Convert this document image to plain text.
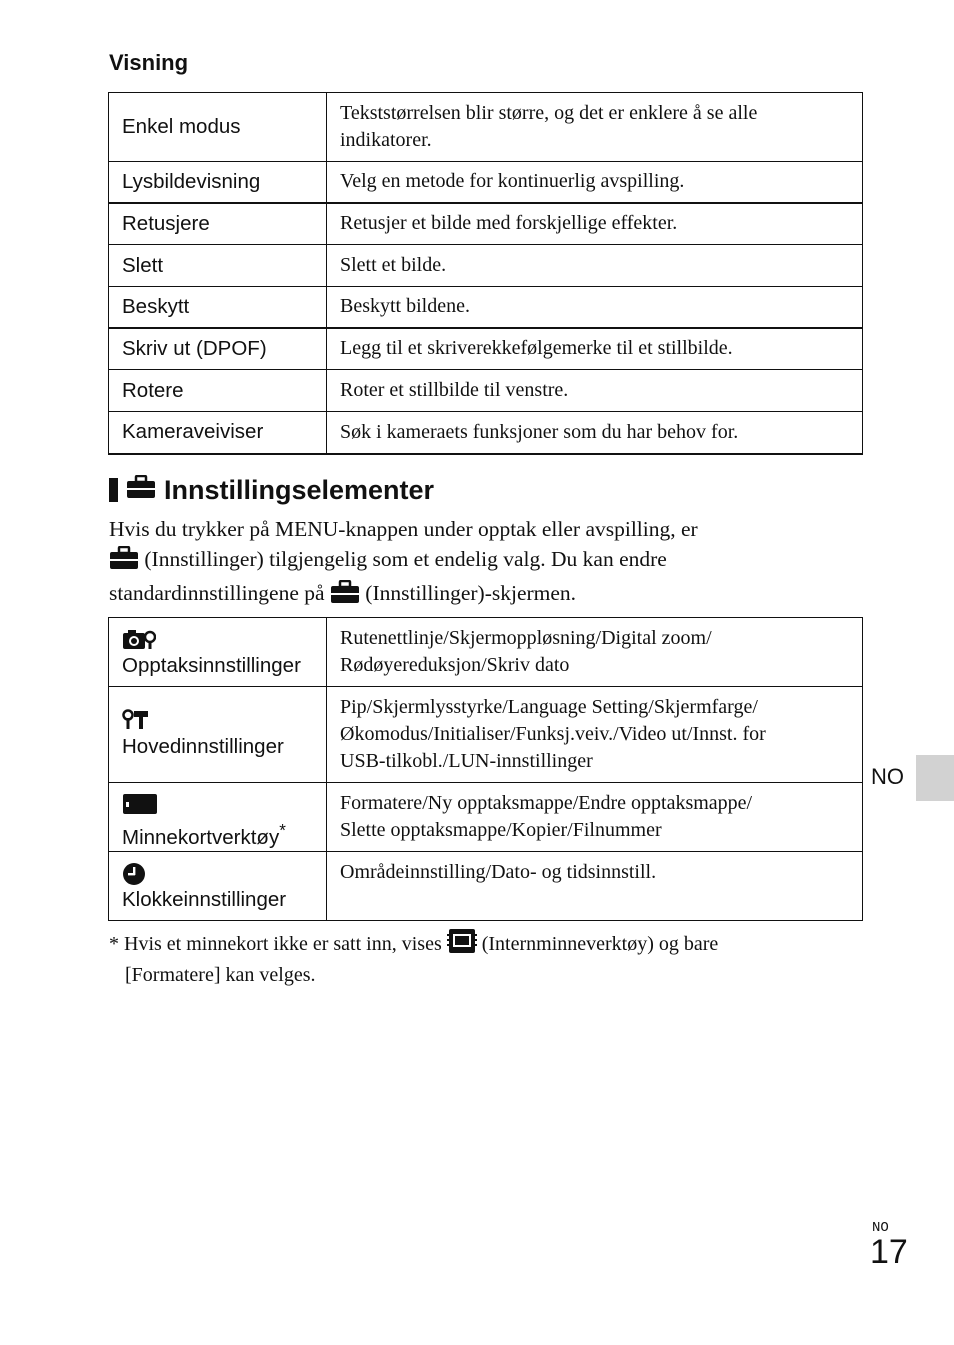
Visning
Enkel modus	Tekststørrelsen blir større, og det er enklere å se alle indikatorer.
Lysbildevisning	Velg en metode for kontinuerlig avspilling.
Retusjere	Retusjer et bilde med forskjellige effekter.
Slett	Slett et bilde.
Beskytt	Beskytt bildene.
Skriv ut (DPOF)	Legg til et skriverekkefølgemerke til et stillbilde.
Rotere	Roter et stillbilde til venstre.
Kameraveiviser	Søk i kameraets funksjoner som du har behov for.
Innstillingselementer
Hvis du trykker på MENU-knappen under opptak eller avspilling, er
(Innstillinger) tilgjengelig som et endelig valg. Du kan endre
standardinnstillingene på (Innstillinger)-skjermen.
Opptaksinnstillinger	Rutenettlinje/Skjermoppløsning/Digital zoom/
Rødøyereduksjon/Skriv dato

Hovedinnstillinger	Pip/Skjermlysstyrke/Language Setting/Skjermfarge/
Økomodus/Initialiser/Funksj.veiv./Video ut/Innst. for
USB-tilkobl./LUN-innstillinger

Minnekortverktøy*	Formatere/Ny opptaksmappe/Endre opptaksmappe/
Slette opptaksmappe/Kopier/Filnummer

Klokkeinnstillinger	Områdeinnstilling/Dato- og tidsinnstill.
* Hvis et minnekort ikke er satt inn, vises (Internminneverktøy) og bare
[Formatere] kan velges.
NO
NO
17
